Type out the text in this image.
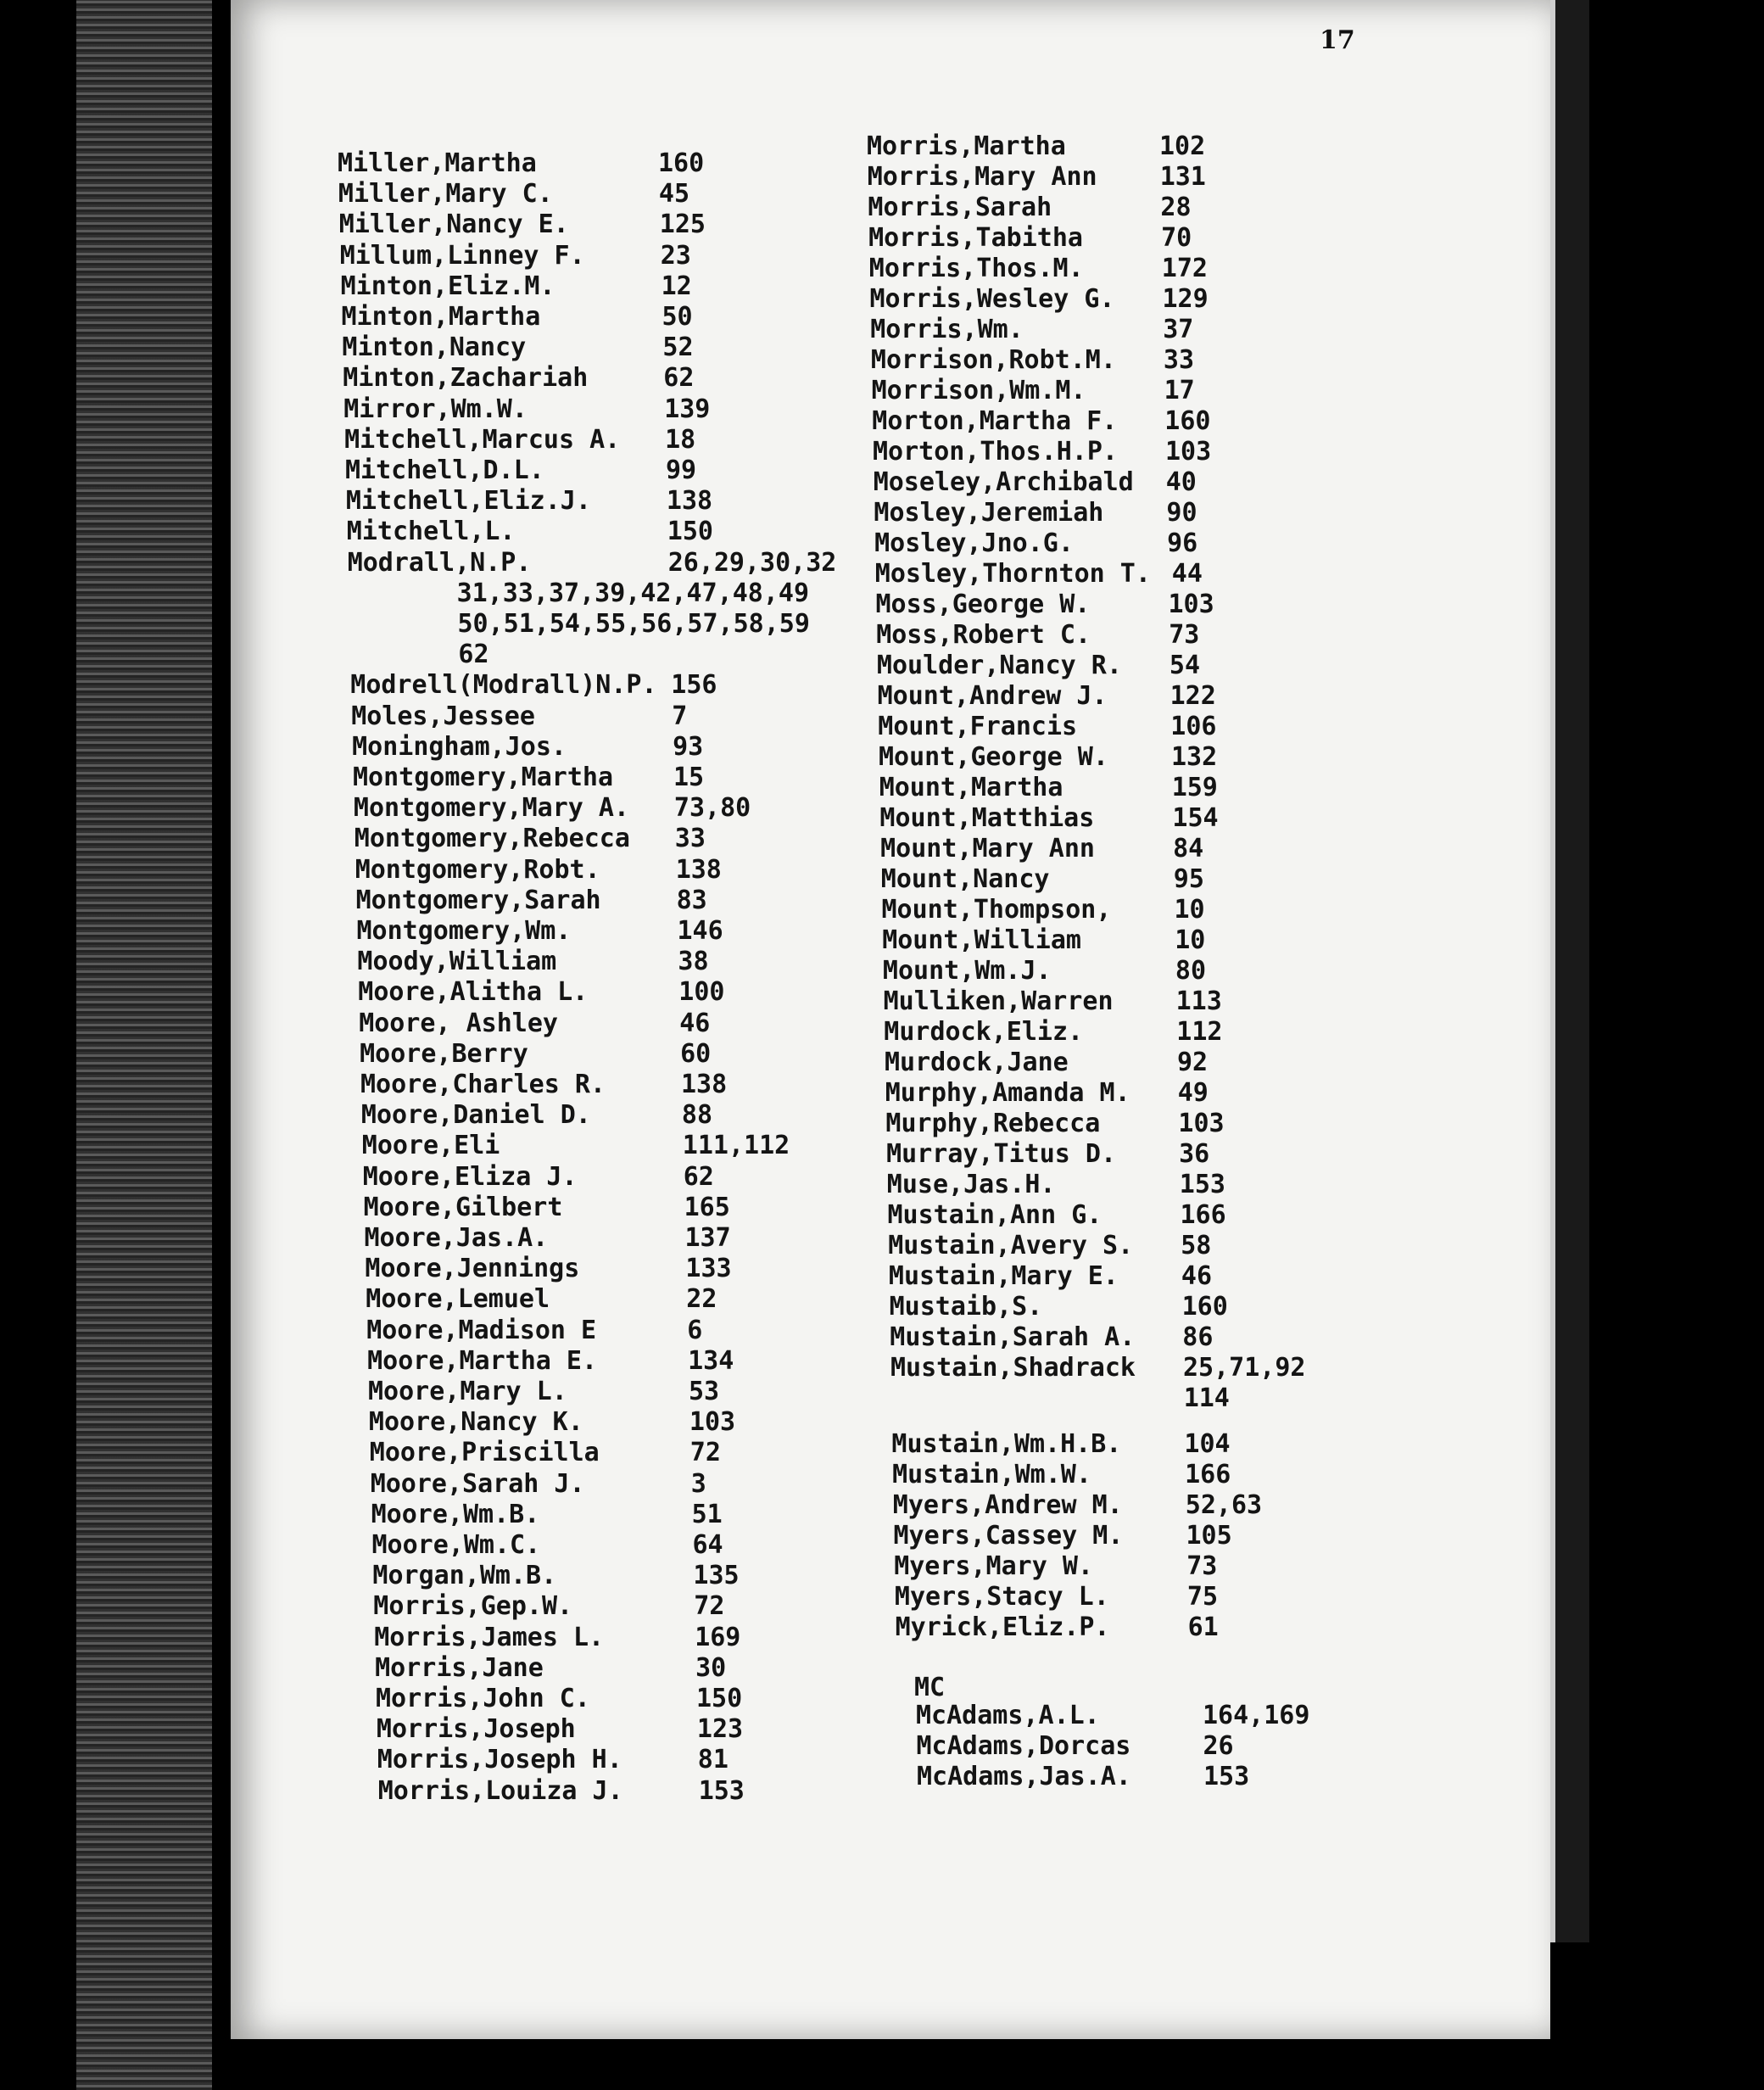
17
Miller,Martha	160
Miller,Mary C.	45
Miller,Nancy E.	125
Millum,Linney F.	23
Minton,Eliz.M.	12
Minton,Martha	50
Minton,Nancy	52
Minton,Zachariah	62
Mirror,Wm.W.	139
Mitchell,Marcus A. 18
Mitchell,D.L.	99
Mitchell,Eliz.J.	138
Mitchell,L.	150
Modrall,N.P.	26,29,30,32
31,33,37,39,42,47,48,49
50,51,54,55,56,57,58,59
62
Modrell(Modrall)N.P. 156
Moles,Jessee	7
Moningham,Jos.	93
Montgomery,Martha 15
Montgomery,Mary A. 73,80
Montgomery,Rebecca 33
Montgomery,Robt.	138
Montgomery,Sarah	83
Montgomery,Wm.	146
Moody,William	38
Moore,Alitha L.	100
Moore, Ashley	46
Moore,Berry	60
Moore,Charles R.	138
Moore,Daniel D.	88
Moore,Eli	111,112
Moore,Eliza J.	62
Moore,Gilbert	165
Moore,Jas.A.	137
Moore,Jennings	133
Moore,Lemuel	22
Moore,Madison E	6
Moore,Martha E.	134
Moore,Mary L.	53
Moore,Nancy K.	103
Moore,Priscilla	72
Moore,Sarah J.	3
Moore,Wm.B.	51
Moore,Wm.C.	64
Morgan,Wm.B.	135
Morris,Gep.W.	72
Morris,James L.	169
Morris,Jane	30
Morris,John C.	150
Morris,Joseph	123
Morris,Joseph H.	81
Morris,Louiza J.	153
Morris,Martha	102
Morris,Mary Ann 131
Morris,Sarah	28
Morris,Tabitha	70
Morris,Thos.M.	172
Morris,Wesley G. 129
Morris,Wm.	37
Morrison,Robt.M. 33
Morrison,Wm.M.	17
Morton,Martha F. 160
Morton,Thos.H.P. 103
Moseley,Archibald 40
Mosley,Jeremiah 90
Mosley,Jno.G.	96
Mosley,Thornton T. 44
Moss,George W.	103
Moss,Robert C.	73
Moulder,Nancy R. 54
Mount,Andrew J. 122
Mount,Francis	106
Mount,George W. 132
Mount,Martha	159
Mount,Matthias	154
Mount,Mary Ann	84
Mount,Nancy	95
Mount,Thompson, 10
Mount,William	10
Mount,Wm.J.	80
Mulliken,Warren 113
Murdock,Eliz.	112
Murdock,Jane	92
Murphy,Amanda M. 49
Murphy,Rebecca	103
Murray,Titus D. 36
Muse,Jas.H.	153
Mustain,Ann G.	166
Mustain,Avery S. 58
Mustain,Mary E. 46
Mustaib,S.	160
Mustain,Sarah A. 86
Mustain,Shadrack 25,71,92
114
Mustain,Wm.H.B. 104
Mustain,Wm.W.	166
Myers,Andrew M. 52,63
Myers,Cassey M. 105
Myers,Mary W.	73
Myers,Stacy L.	75
Myrick,Eliz.P.	61
MC
McAdams,A.L.	164,169
McAdams,Dorcas	26
McAdams,Jas.A.	153
